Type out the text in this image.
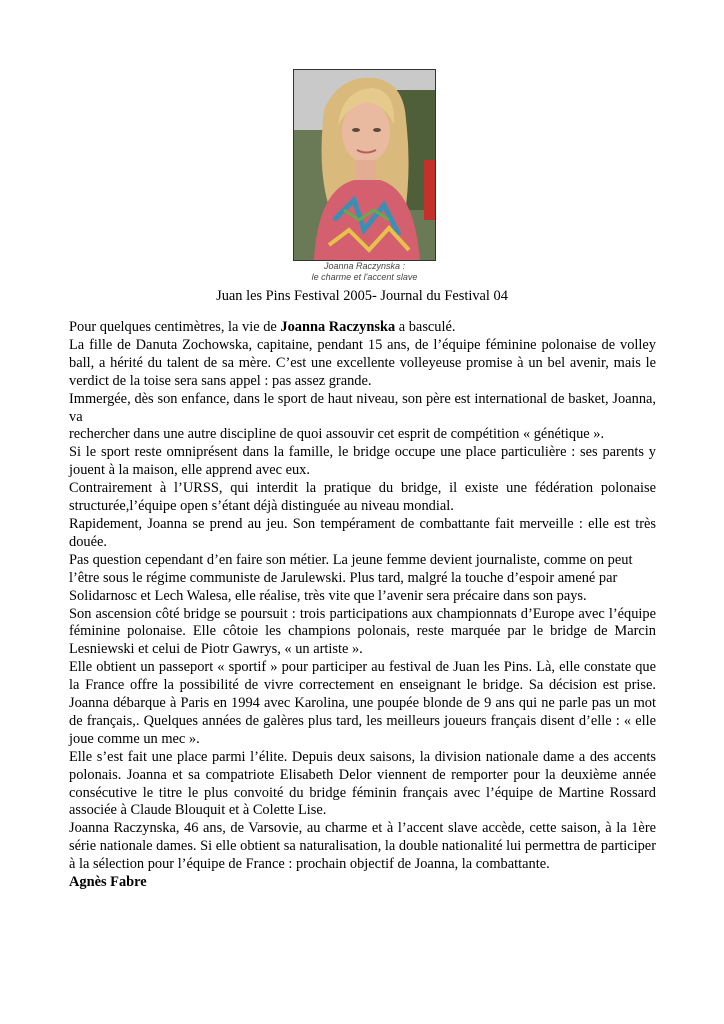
Joanna Raczynska :
le charme et l'accent slave
Juan les Pins Festival 2005- Journal du Festival 04

Pour quelques centimètres, la vie de Joanna Raczynska a basculé.

La fille de Danuta Zochowska, capitaine, pendant 15 ans, de l’équipe féminine polonaise de volley ball, a hérité du talent de sa mère. C’est une excellente volleyeuse promise à un bel avenir, mais le verdict de la toise sera sans appel : pas assez grande.

Immergée, dès son enfance, dans le sport de haut niveau, son père est international de basket, Joanna, va

rechercher dans une autre discipline de quoi assouvir cet esprit de compétition « génétique ».

Si le sport reste omniprésent dans la famille, le bridge occupe une place particulière : ses parents y jouent à la maison, elle apprend avec eux.

Contrairement à l’URSS, qui interdit la pratique du bridge, il existe une fédération polonaise structurée,l’équipe open s’étant déjà distinguée au niveau mondial.

Rapidement, Joanna se prend au jeu. Son tempérament de combattante fait merveille : elle est très douée.

Pas question cependant d’en faire son métier. La jeune femme devient journaliste, comme on peut l’être sous le régime communiste de Jarulewski. Plus tard, malgré la touche d’espoir amené par Solidarnosc et Lech Walesa, elle réalise, très vite que l’avenir sera précaire dans son pays.

Son ascension côté bridge se poursuit : trois participations aux championnats d’Europe avec l’équipe féminine polonaise. Elle côtoie les champions polonais, reste marquée par le bridge de Marcin Lesniewski et celui de Piotr Gawrys, « un artiste ».

Elle obtient un passeport « sportif » pour participer au festival de Juan les Pins. Là, elle constate que la France offre la possibilité de vivre correctement en enseignant le bridge. Sa décision est prise. Joanna débarque à Paris en 1994 avec Karolina, une poupée blonde de 9 ans qui ne parle pas un mot de français,. Quelques années de galères plus tard, les meilleurs joueurs français disent d’elle : « elle joue comme un mec ».

Elle s’est fait une place parmi l’élite. Depuis deux saisons, la division nationale dame a des accents polonais. Joanna et sa compatriote Elisabeth Delor viennent de remporter pour la deuxième année consécutive le titre le plus convoité du bridge féminin français avec l’équipe de Martine Rossard associée à Claude Blouquit et à Colette Lise.

Joanna Raczynska, 46 ans, de Varsovie, au charme et à l’accent slave accède, cette saison, à la 1ère série nationale dames. Si elle obtient sa naturalisation, la double nationalité lui permettra de participer à la sélection pour l’équipe de France : prochain objectif de Joanna, la combattante.

Agnès Fabre
